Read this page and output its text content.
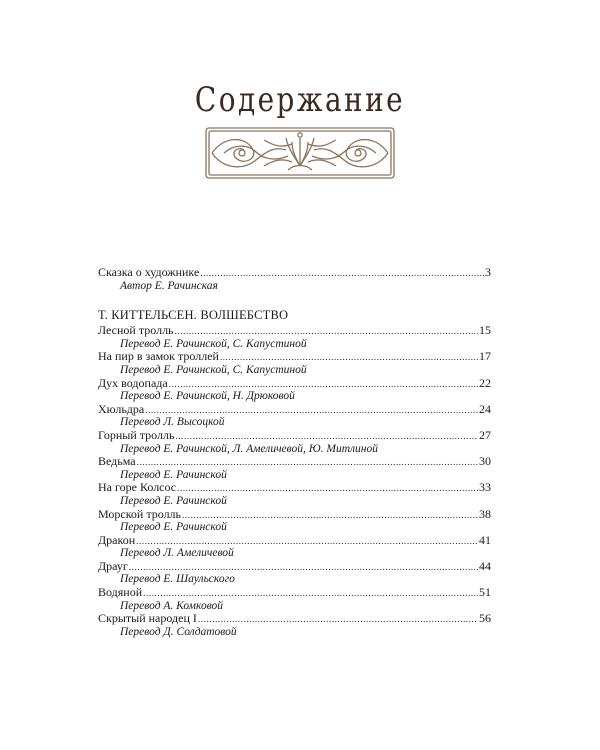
Содержание
Сказка о художнике .....	3
Автор Е. Рачинская
Т. КИТТЕЛЬСЕН. ВОЛШЕБСТВО
Лесной тролль .....	15
Перевод Е. Рачинской, С. Капустиной
На пир в замок троллей .....	17
Перевод Е. Рачинской, С. Капустиной
Дух водопада .....	22
Перевод Е. Рачинской, Н. Дрюковой
Хюльдра .....	24
Перевод Л. Высоцкой
Горный тролль .....	27
Перевод Е. Рачинской, Л. Амеличевой, Ю. Митлиной
Ведьма .....	30
Перевод Е. Рачинской
На горе Колсос .....	33
Перевод Е. Рачинской
Морской тролль .....	38
Перевод Е. Рачинской
Дракон .....	41
Перевод Л. Амеличевой
Драуг .....	44
Перевод Е. Шаульского
Водяной .....	51
Перевод А. Комковой
Скрытый народец I .....	56
Перевод Д. Солдатовой
